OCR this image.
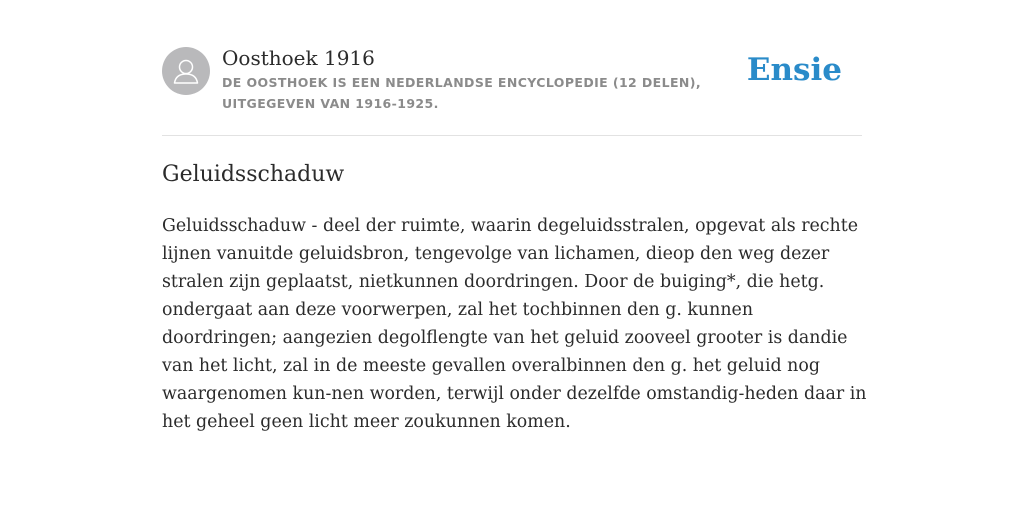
Oosthoek 1916
DE OOSTHOEK IS EEN NEDERLANDSE ENCYCLOPEDIE (12 DELEN), UITGEGEVEN VAN 1916-1925.
Ensie
Geluidsschaduw

Geluidsschaduw - deel der ruimte, waarin degeluidsstralen, opgevat als rechte lijnen vanuitde geluidsbron, tengevolge van lichamen, dieop den weg dezer stralen zijn geplaatst, nietkunnen doordringen. Door de buiging*, die hetg. ondergaat aan deze voorwerpen, zal het tochbinnen den g. kunnen doordringen; aangezien degolflengte van het geluid zooveel grooter is dandie van het licht, zal in de meeste gevallen overalbinnen den g. het geluid nog waargenomen kun-nen worden, terwijl onder dezelfde omstandig-heden daar in het geheel geen licht meer zoukunnen komen.
